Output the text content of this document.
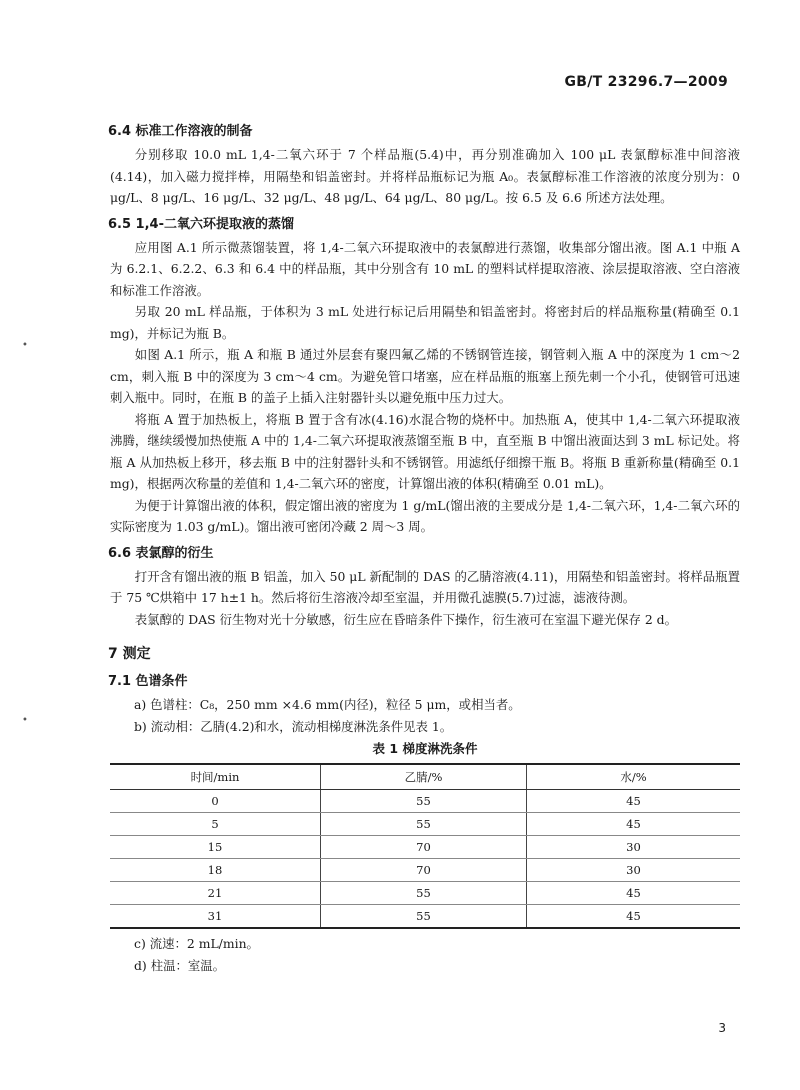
GB/T 23296.7—2009
•
•
6.4 标准工作溶液的制备

分别移取 10.0 mL 1,4-二氧六环于 7 个样品瓶(5.4)中，再分别准确加入 100 μL 表氯醇标准中间溶液(4.14)，加入磁力搅拌棒，用隔垫和铝盖密封。并将样品瓶标记为瓶 A₀。表氯醇标准工作溶液的浓度分别为：0 μg/L、8 μg/L、16 μg/L、32 μg/L、48 μg/L、64 μg/L、80 μg/L。按 6.5 及 6.6 所述方法处理。

6.5 1,4-二氧六环提取液的蒸馏

应用图 A.1 所示微蒸馏装置，将 1,4-二氧六环提取液中的表氯醇进行蒸馏，收集部分馏出液。图 A.1 中瓶 A 为 6.2.1、6.2.2、6.3 和 6.4 中的样品瓶，其中分别含有 10 mL 的塑料试样提取溶液、涂层提取溶液、空白溶液和标准工作溶液。

另取 20 mL 样品瓶，于体积为 3 mL 处进行标记后用隔垫和铝盖密封。将密封后的样品瓶称量(精确至 0.1 mg)，并标记为瓶 B。

如图 A.1 所示，瓶 A 和瓶 B 通过外层套有聚四氟乙烯的不锈钢管连接，钢管刺入瓶 A 中的深度为 1 cm～2 cm，刺入瓶 B 中的深度为 3 cm～4 cm。为避免管口堵塞，应在样品瓶的瓶塞上预先刺一个小孔，使钢管可迅速刺入瓶中。同时，在瓶 B 的盖子上插入注射器针头以避免瓶中压力过大。

将瓶 A 置于加热板上，将瓶 B 置于含有冰(4.16)水混合物的烧杯中。加热瓶 A，使其中 1,4-二氧六环提取液沸腾，继续缓慢加热使瓶 A 中的 1,4-二氧六环提取液蒸馏至瓶 B 中，直至瓶 B 中馏出液面达到 3 mL 标记处。将瓶 A 从加热板上移开，移去瓶 B 中的注射器针头和不锈钢管。用滤纸仔细擦干瓶 B。将瓶 B 重新称量(精确至 0.1 mg)，根据两次称量的差值和 1,4-二氧六环的密度，计算馏出液的体积(精确至 0.01 mL)。

为便于计算馏出液的体积，假定馏出液的密度为 1 g/mL(馏出液的主要成分是 1,4-二氧六环，1,4-二氧六环的实际密度为 1.03 g/mL)。馏出液可密闭冷藏 2 周～3 周。

6.6 表氯醇的衍生

打开含有馏出液的瓶 B 铝盖，加入 50 μL 新配制的 DAS 的乙腈溶液(4.11)，用隔垫和铝盖密封。将样品瓶置于 75 ℃烘箱中 17 h±1 h。然后将衍生溶液冷却至室温，并用微孔滤膜(5.7)过滤，滤液待测。

表氯醇的 DAS 衍生物对光十分敏感，衍生应在昏暗条件下操作，衍生液可在室温下避光保存 2 d。

7 测定
7.1 色谱条件

a) 色谱柱：C₈，250 mm ×4.6 mm(内径)，粒径 5 μm，或相当者。

b) 流动相：乙腈(4.2)和水，流动相梯度淋洗条件见表 1。

表 1 梯度淋洗条件
时间/min	乙腈/%	水/%
0	55	45
5	55	45
15	70	30
18	70	30
21	55	45
31	55	45

c) 流速：2 mL/min。

d) 柱温：室温。

3
